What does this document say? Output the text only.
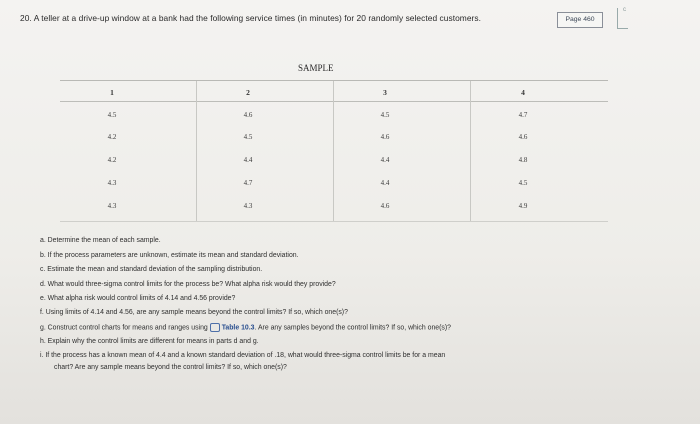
20. A teller at a drive-up window at a bank had the following service times (in minutes) for 20 randomly selected customers.	Page 460
c
SAMPLE
1	2	3	4
4.5	4.6	4.5	4.7
4.2	4.5	4.6	4.6
4.2	4.4	4.4	4.8
4.3	4.7	4.4	4.5
4.3	4.3	4.6	4.9
a. Determine the mean of each sample.
b. If the process parameters are unknown, estimate its mean and standard deviation.
c. Estimate the mean and standard deviation of the sampling distribution.
d. What would three-sigma control limits for the process be? What alpha risk would they provide?
e. What alpha risk would control limits of 4.14 and 4.56 provide?
f. Using limits of 4.14 and 4.56, are any sample means beyond the control limits? If so, which one(s)?
g. Construct control charts for means and ranges using Table 10.3. Are any samples beyond the control limits? If so, which one(s)?
h. Explain why the control limits are different for means in parts d and g.
i. If the process has a known mean of 4.4 and a known standard deviation of .18, what would three-sigma control limits be for a mean
chart? Are any sample means beyond the control limits? If so, which one(s)?
